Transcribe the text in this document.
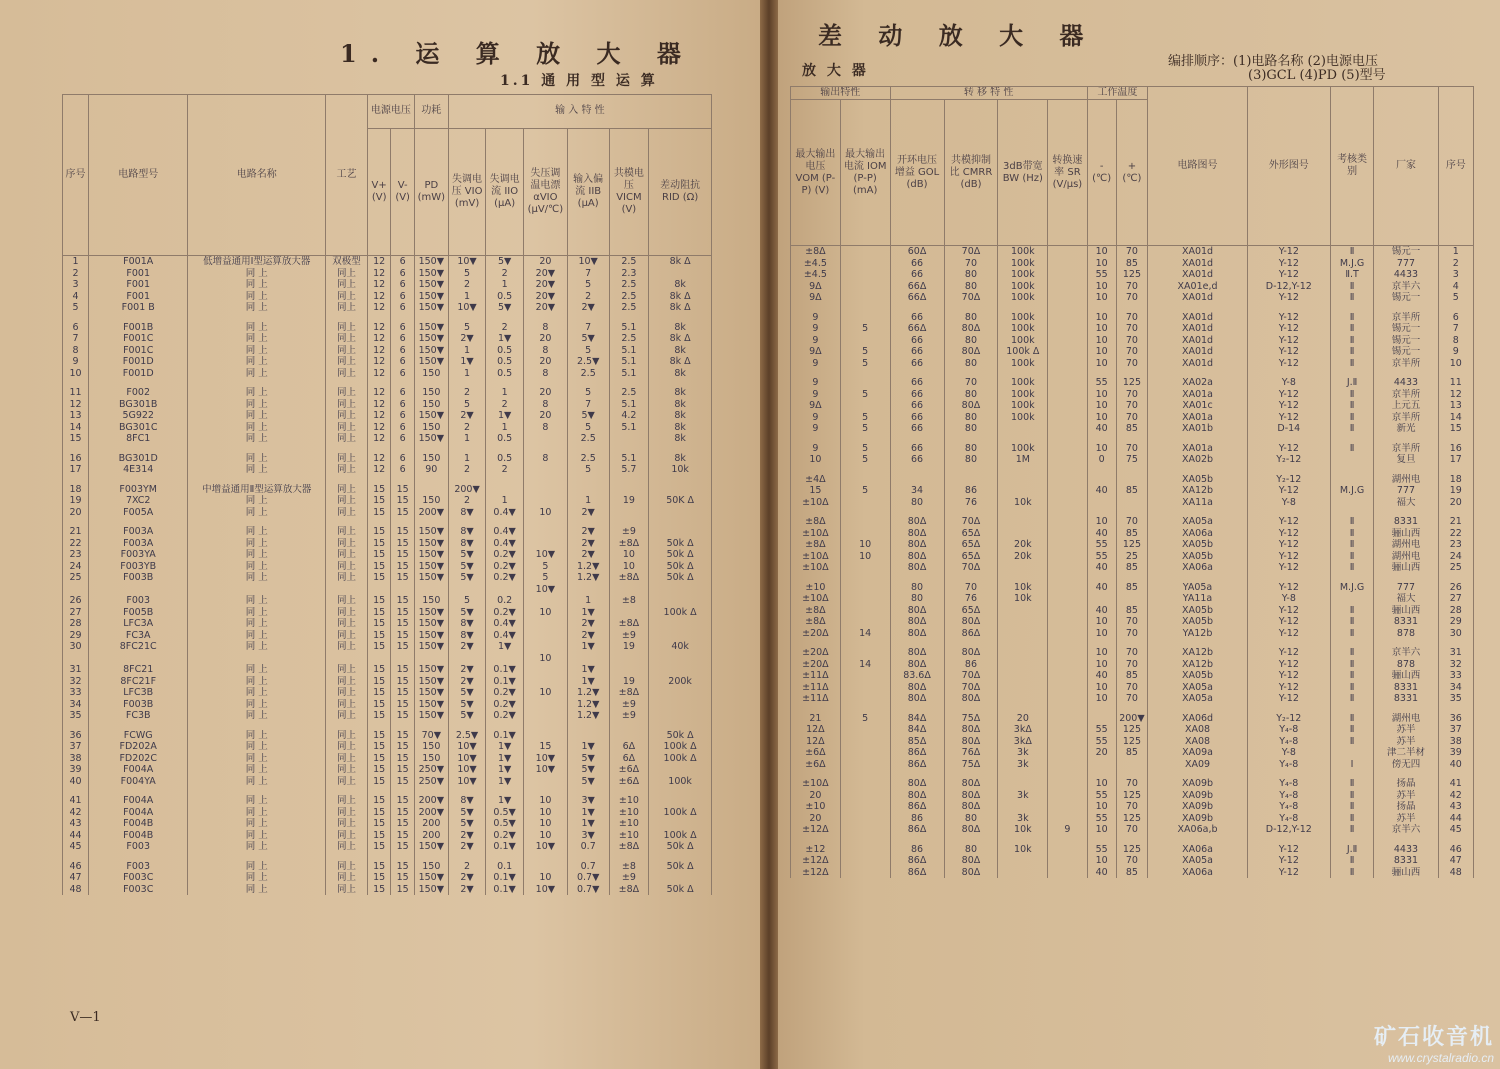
1. 运 算 放 大 器
1.1 通 用 型 运 算
序号	电路型号	电路名称	工艺	电源电压		功耗	输 入 特 性					
				V+ (V)	V- (V)	PD (mW)	失调电压 VIO (mV)	失调电流 IIO (μA)	失压调温电漂 αVIO (μV/℃)	输入偏流 IIB (μA)	共模电压 VICM (V)	差动阻抗 RID (Ω)
1	F001A	低增益通用Ⅰ型运算放大器	双极型	12	6	150▼	10▼	5▼	20	10▼	2.5	8k Δ
2	F001	同 上	同上	12	6	150▼	5	2	20▼	7	2.3	
3	F001	同 上	同上	12	6	150▼	2	1	20▼	5	2.5	8k
4	F001	同 上	同上	12	6	150▼	1	0.5	20▼	2	2.5	8k Δ
5	F001 B	同 上	同上	12	6	150▼	10▼	5▼	20▼	2▼	2.5	8k Δ

6	F001B	同 上	同上	12	6	150▼	5	2	8	7	5.1	8k
7	F001C	同 上	同上	12	6	150▼	2▼	1▼	20	5▼	2.5	8k Δ
8	F001C	同 上	同上	12	6	150▼	1	0.5	8	5	5.1	8k
9	F001D	同 上	同上	12	6	150▼	1▼	0.5	20	2.5▼	5.1	8k Δ
10	F001D	同 上	同上	12	6	150	1	0.5	8	2.5	5.1	8k

11	F002	同 上	同上	12	6	150	2	1	20	5	2.5	8k
12	BG301B	同 上	同上	12	6	150	5	2	8	7	5.1	8k
13	5G922	同 上	同上	12	6	150▼	2▼	1▼	20	5▼	4.2	8k
14	BG301C	同 上	同上	12	6	150	2	1	8	5	5.1	8k
15	8FC1	同 上	同上	12	6	150▼	1	0.5		2.5		8k

16	BG301D	同 上	同上	12	6	150	1	0.5	8	2.5	5.1	8k
17	4E314	同 上	同上	12	6	90	2	2		5	5.7	10k

18	F003YM	中增益通用Ⅱ型运算放大器	同上	15	15		200▼					
19	7XC2	同 上	同上	15	15	150	2	1		1	19	50K Δ
20	F005A	同 上	同上	15	15	200▼	8▼	0.4▼	10	2▼		

21	F003A	同 上	同上	15	15	150▼	8▼	0.4▼		2▼	±9	
22	F003A	同 上	同上	15	15	150▼	8▼	0.4▼		2▼	±8Δ	50k Δ
23	F003YA	同 上	同上	15	15	150▼	5▼	0.2▼	10▼	2▼	10	50k Δ
24	F003YB	同 上	同上	15	15	150▼	5▼	0.2▼	5	1.2▼	10	50k Δ
25	F003B	同 上	同上	15	15	150▼	5▼	0.2▼	5	1.2▼	±8Δ	50k Δ
									10▼			
26	F003	同 上	同上	15	15	150	5	0.2		1	±8	
27	F005B	同 上	同上	15	15	150▼	5▼	0.2▼	10	1▼		100k Δ
28	LFC3A	同 上	同上	15	15	150▼	8▼	0.4▼		2▼	±8Δ	
29	FC3A	同 上	同上	15	15	150▼	8▼	0.4▼		2▼	±9	
30	8FC21C	同 上	同上	15	15	150▼	2▼	1▼		1▼	19	40k
									10			
31	8FC21	同 上	同上	15	15	150▼	2▼	0.1▼		1▼		
32	8FC21F	同 上	同上	15	15	150▼	2▼	0.1▼		1▼	19	200k
33	LFC3B	同 上	同上	15	15	150▼	5▼	0.2▼	10	1.2▼	±8Δ	
34	F003B	同 上	同上	15	15	150▼	5▼	0.2▼		1.2▼	±9	
35	FC3B	同 上	同上	15	15	150▼	5▼	0.2▼		1.2▼	±9	

36	FCWG	同 上	同上	15	15	70▼	2.5▼	0.1▼				50k Δ
37	FD202A	同 上	同上	15	15	150	10▼	1▼	15	1▼	6Δ	100k Δ
38	FD202C	同 上	同上	15	15	150	10▼	1▼	10▼	5▼	6Δ	100k Δ
39	F004A	同 上	同上	15	15	250▼	10▼	1▼	10▼	5▼	±6Δ	
40	F004YA	同 上	同上	15	15	250▼	10▼	1▼		5▼	±6Δ	100k

41	F004A	同 上	同上	15	15	200▼	8▼	1▼	10	3▼	±10	
42	F004A	同 上	同上	15	15	200▼	5▼	0.5▼	10	1▼	±10	100k Δ
43	F004B	同 上	同上	15	15	200	5▼	0.5▼	10	1▼	±10	
44	F004B	同 上	同上	15	15	200	2▼	0.2▼	10	3▼	±10	100k Δ
45	F003	同 上	同上	15	15	150▼	2▼	0.1▼	10▼	0.7	±8Δ	50k Δ

46	F003	同 上	同上	15	15	150	2	0.1		0.7	±8	50k Δ
47	F003C	同 上	同上	15	15	150▼	2▼	0.1▼	10	0.7▼	±9	
48	F003C	同 上	同上	15	15	150▼	2▼	0.1▼	10▼	0.7▼	±8Δ	50k Δ
V—1
差 动 放 大 器
放 大 器
编排顺序：(1)电路名称 (2)电源电压
(3)GCL (4)PD (5)型号
输出特性		转 移 特 性				工作温度		电路图号	外形图号	考核类别	厂家	序号
最大输出电压 VOM (P-P) (V)	最大输出电流 IOM (P-P) (mA)	开环电压增益 GOL (dB)	共模抑制比 CMRR (dB)	3dB带宽 BW (Hz)	转换速率 SR (V/μs)	- (℃)	+ (℃)					
±8Δ		60Δ	70Δ	100k		10	70	XA01d	Y-12	Ⅱ	锡元一	1
±4.5		66	70	100k		10	85	XA01d	Y-12	M.J.G	777	2
±4.5		66	80	100k		55	125	XA01d	Y-12	Ⅱ.T	4433	3
9Δ		66Δ	80	100k		10	70	XA01e,d	D-12,Y-12	Ⅱ	京半六	4
9Δ		66Δ	70Δ	100k		10	70	XA01d	Y-12	Ⅱ	锡元一	5

9		66	80	100k		10	70	XA01d	Y-12	Ⅱ	京半所	6
9	5	66Δ	80Δ	100k		10	70	XA01d	Y-12	Ⅱ	锡元一	7
9		66	80	100k		10	70	XA01d	Y-12	Ⅱ	锡元一	8
9Δ	5	66	80Δ	100k Δ		10	70	XA01d	Y-12	Ⅱ	锡元一	9
9	5	66	80	100k		10	70	XA01d	Y-12	Ⅱ	京半所	10

9		66	70	100k		55	125	XA02a	Y-8	J.Ⅱ	4433	11
9	5	66	80	100k		10	70	XA01a	Y-12	Ⅱ	京半所	12
9Δ		66	80Δ	100k		10	70	XA01c	Y-12	Ⅱ	上元五	13
9	5	66	80	100k		10	70	XA01a	Y-12	Ⅱ	京半所	14
9	5	66	80			40	85	XA01b	D-14	Ⅱ	新光	15

9	5	66	80	100k		10	70	XA01a	Y-12	Ⅱ	京半所	16
10	5	66	80	1M		0	75	XA02b	Y₂-12		复旦	17

±4Δ								XA05b	Y₂-12		湖州电	18
15	5	34	86			40	85	XA12b	Y-12	M.J.G	777	19
±10Δ		80	76	10k				XA11a	Y-8		福大	20

±8Δ		80Δ	70Δ			10	70	XA05a	Y-12	Ⅱ	8331	21
±10Δ		80Δ	65Δ			40	85	XA06a	Y-12	Ⅱ	骊山西	22
±8Δ	10	80Δ	65Δ	20k		55	125	XA05b	Y-12	Ⅱ	湖州电	23
±10Δ	10	80Δ	65Δ	20k		55	25	XA05b	Y-12	Ⅱ	湖州电	24
±10Δ		80Δ	70Δ			40	85	XA06a	Y-12	Ⅱ	骊山西	25

±10		80	70	10k		40	85	YA05a	Y-12	M.J.G	777	26
±10Δ		80	76	10k				YA11a	Y-8		福大	27
±8Δ		80Δ	65Δ			40	85	XA05b	Y-12	Ⅱ	骊山西	28
±8Δ		80Δ	80Δ			10	70	XA05b	Y-12	Ⅱ	8331	29
±20Δ	14	80Δ	86Δ			10	70	YA12b	Y-12	Ⅱ	878	30

±20Δ		80Δ	80Δ			10	70	XA12b	Y-12	Ⅱ	京半六	31
±20Δ	14	80Δ	86			10	70	XA12b	Y-12	Ⅱ	878	32
±11Δ		83.6Δ	70Δ			40	85	XA05b	Y-12	Ⅱ	骊山西	33
±11Δ		80Δ	70Δ			10	70	XA05a	Y-12	Ⅱ	8331	34
±11Δ		80Δ	80Δ			10	70	XA05a	Y-12	Ⅱ	8331	35

21	5	84Δ	75Δ	20			200▼	XA06d	Y₂-12	Ⅱ	湖州电	36
12Δ		84Δ	80Δ	3kΔ		55	125	XA08	Y₄-8	Ⅱ	苏半	37
12Δ		85Δ	80Δ	3kΔ		55	125	XA08	Y₄-8	Ⅱ	苏半	38
±6Δ		86Δ	76Δ	3k		20	85	XA09a	Y-8		津二半材	39
±6Δ		86Δ	75Δ	3k				XA09	Y₄-8	Ⅰ	傍无四	40

±10Δ		80Δ	80Δ			10	70	XA09b	Y₄-8	Ⅱ	扬晶	41
20		80Δ	80Δ	3k		55	125	XA09b	Y₄-8	Ⅱ	苏半	42
±10		86Δ	80Δ			10	70	XA09b	Y₄-8	Ⅱ	扬晶	43
20		86	80	3k		55	125	XA09b	Y₄-8	Ⅱ	苏半	44
±12Δ		86Δ	80Δ	10k	9	10	70	XA06a,b	D-12,Y-12	Ⅱ	京半六	45

±12		86	80	10k		55	125	XA06a	Y-12	J.Ⅱ	4433	46
±12Δ		86Δ	80Δ			10	70	XA05a	Y-12	Ⅱ	8331	47
±12Δ		86Δ	80Δ			40	85	XA06a	Y-12	Ⅱ	骊山西	48
矿石收音机
www.crystalradio.cn
